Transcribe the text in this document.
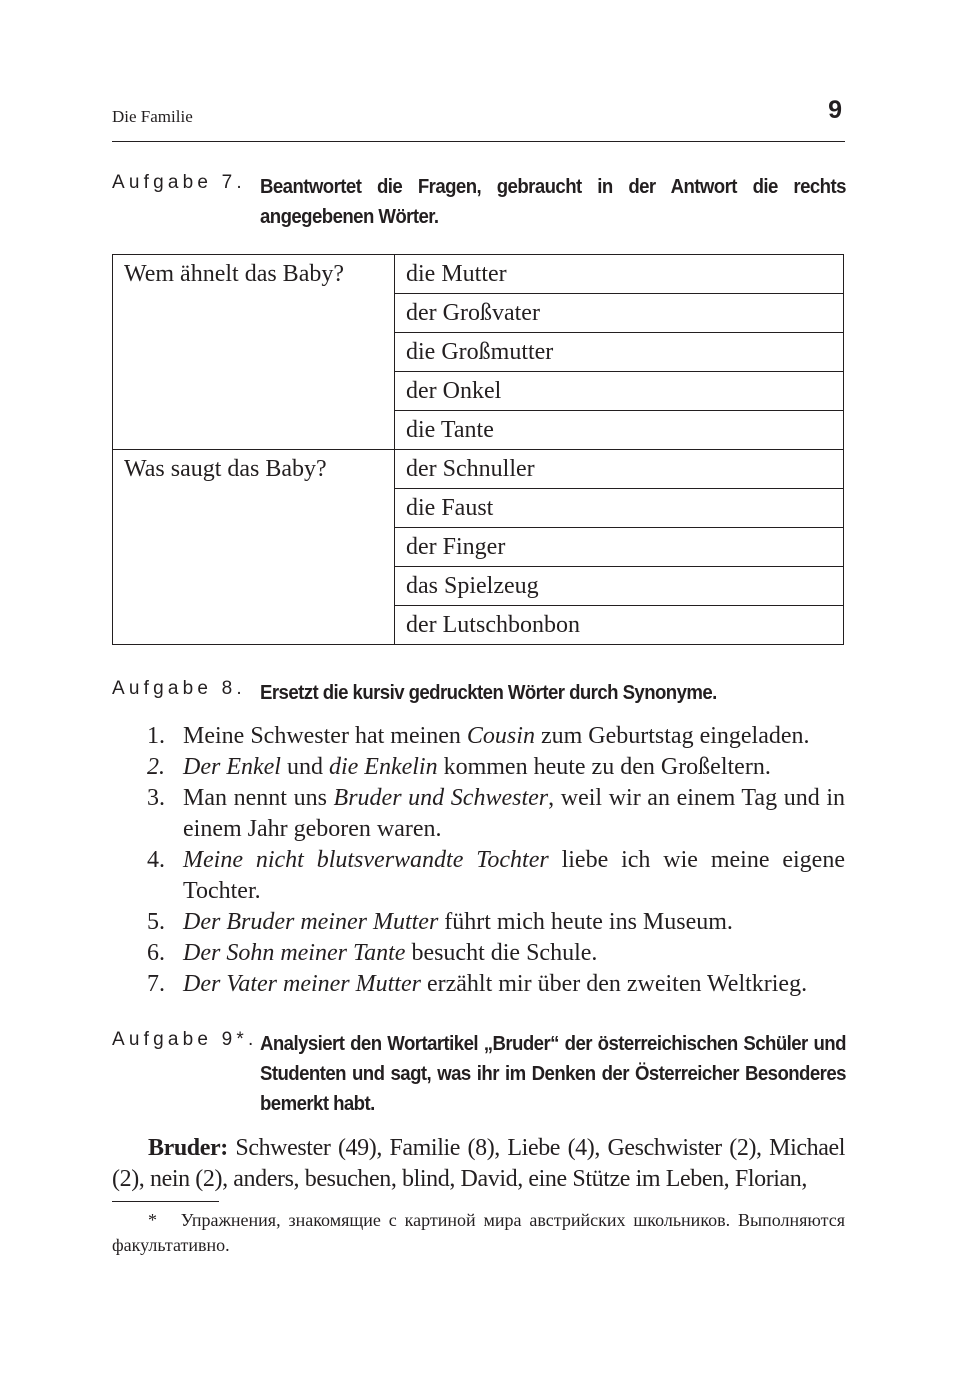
Die Familie	9
Aufgabe 7. Beantwortet die Fragen, gebraucht in der Antwort die rechts angegebenen Wörter.
Wem ähnelt das Baby?	die Mutter
	der Großvater
	die Großmutter
	der Onkel
	die Tante
Was saugt das Baby?	der Schnuller
	die Faust
	der Finger
	das Spielzeug
	der Lutschbonbon
Aufgabe 8. Ersetzt die kursiv gedruckten Wörter durch Synonyme.
1. Meine Schwester hat meinen Cousin zum Geburtstag eingeladen.
2. Der Enkel und die Enkelin kommen heute zu den Großeltern.
3. Man nennt uns Bruder und Schwester, weil wir an einem Tag und in einem Jahr geboren waren.
4. Meine nicht blutsverwandte Tochter liebe ich wie meine eigene Tochter.
5. Der Bruder meiner Mutter führt mich heute ins Museum.
6. Der Sohn meiner Tante besucht die Schule.
7. Der Vater meiner Mutter erzählt mir über den zweiten Weltkrieg.
Aufgabe 9*. Analysiert den Wortartikel „Bruder“ der österreichischen Schüler und Studenten und sagt, was ihr im Denken der Österreicher Besonderes bemerkt habt.
Bruder: Schwester (49), Familie (8), Liebe (4), Geschwister (2), Michael (2), nein (2), anders, besuchen, blind, David, eine Stütze im Leben, Florian,
* Упражнения, знакомящие с картиной мира австрийских школьников. Выполняются факультативно.
